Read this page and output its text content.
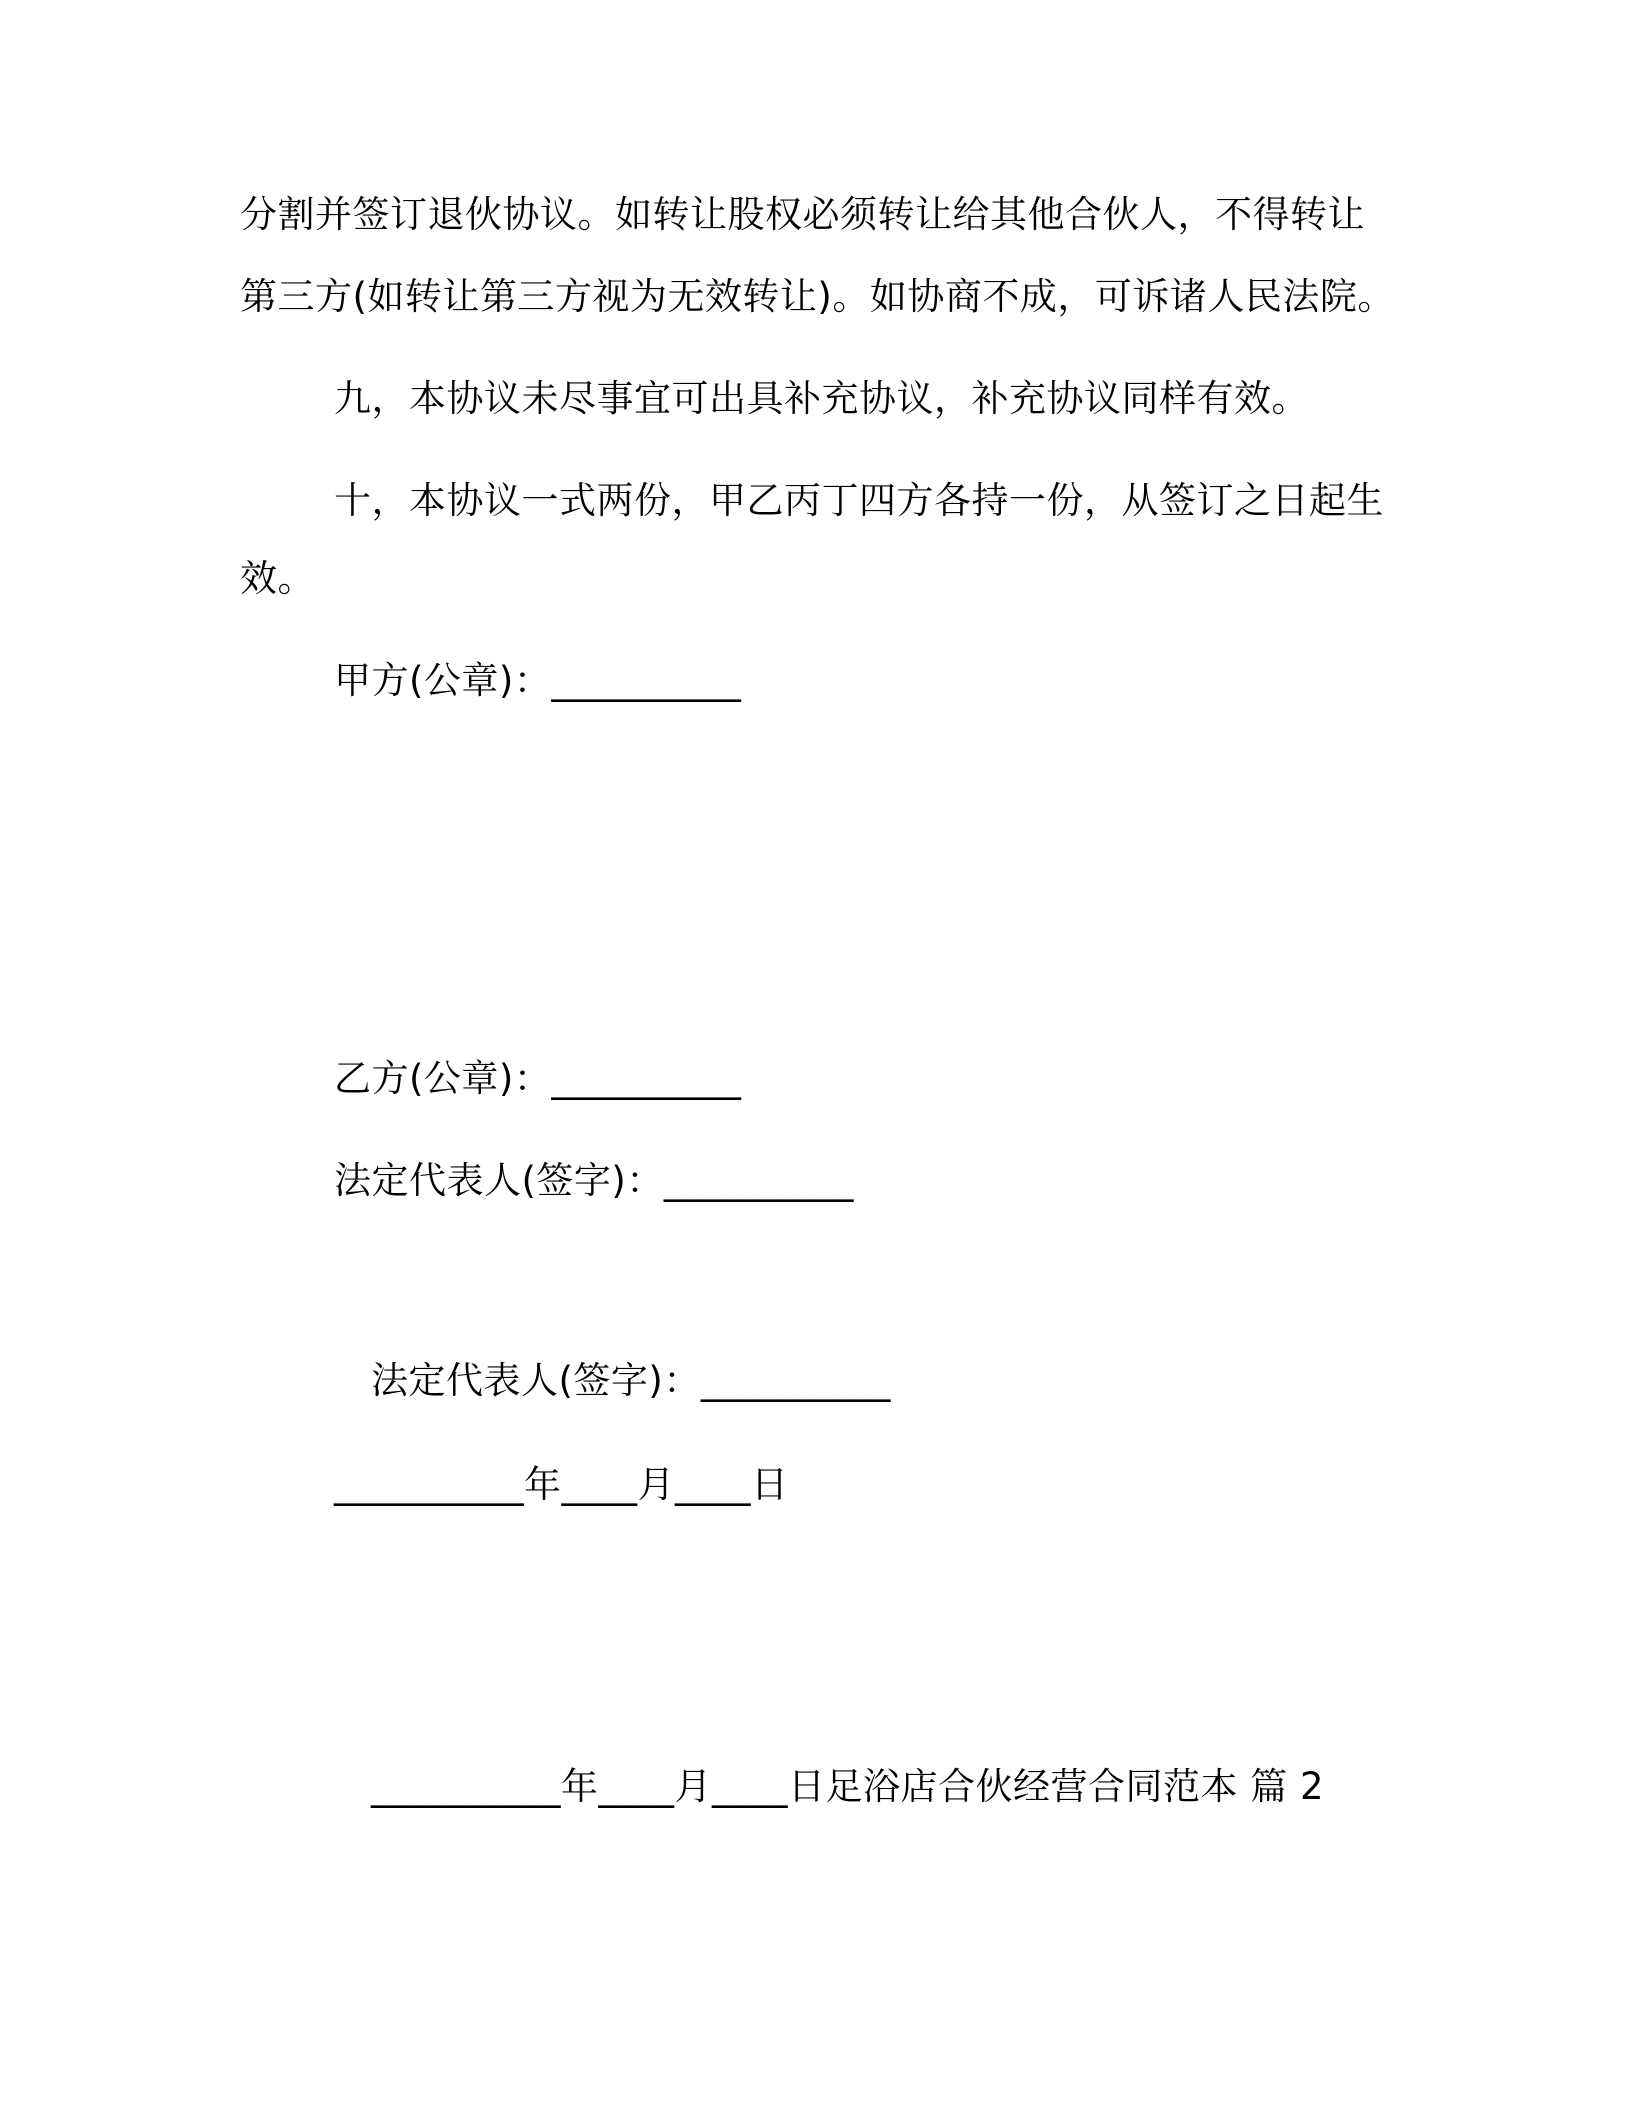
分割并签订退伙协议。如转让股权必须转让给其他合伙人，不得转让
第三方(如转让第三方视为无效转让)。如协商不成，可诉诸人民法院。
九，本协议未尽事宜可出具补充协议，补充协议同样有效。
十，本协议一式两份，甲乙丙丁四方各持一份，从签订之日起生
效。
甲方(公章)：__________
乙方(公章)：__________
法定代表人(签字)：__________
法定代表人(签字)：__________
__________年____月____日
__________年____月____日足浴店合伙经营合同范本 篇 2
